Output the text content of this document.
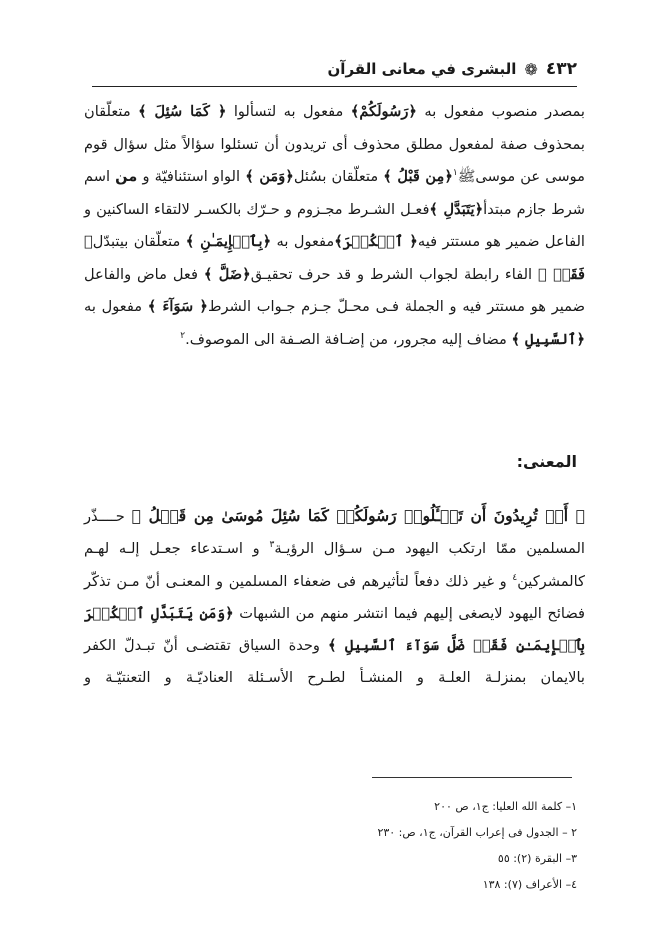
٤٣٢
❁
البشرى في معانى القرآن

بمصدر منصوب مفعول به ﴿رَسُولَكُمْ﴾ مفعول به لتسألوا ﴿ كَمَا سُئِلَ ﴾ متعلّقان بمحذوف صفة لمفعول مطلق محذوف أى تريدون أن تسئلوا سؤالاً مثل سؤال قوم موسى عن موسىﷺ$^١$﴿مِن قَبْلُ ﴾ متعلّقان بسُئل﴿وَمَن ﴾ الواو استئنافيّة و من اسم شرط جازم مبتدأ﴿يَتَبَدَّلِ ﴾فعـل الشـرط مجـزوم و حـرّك بالكسـر لالتقاء الساكنين و الفاعل ضمير هو مستتر فيه﴿ ٱلۡكُفۡرَ﴾مفعول به ﴿بِٱلۡإِيمَـٰنِ ﴾ متعلّقان بيتبدّل﴿ فَقَدۡ ﴾ الفاء رابطة لجواب الشرط و قد حرف تحقيـق﴿ضَلَّ ﴾ فعل ماض والفاعل ضمير هو مستتر فيه و الجملة فـى محـلّ جـزم جـواب الشرط﴿ سَوَآءَ ﴾ مفعول به ﴿ٱلسَّبِيلِ ﴾ مضاف إليه مجرور، من إضـافة الصـفة الى الموصوف.$^٢$

المعنى:

﴿ أَمۡ تُرِيدُونَ أَن تَسۡـَٔلُوا۟ رَسُولَكُمۡ كَمَا سُئِلَ مُوسَىٰ مِن قَبۡلُ ﴾ حــــذّر المسلمين ممّا ارتكب اليهود مـن سـؤال الرؤيـة$^٣$ و اسـتدعاء جعـل إلـه لهـم كالمشركين$^٤$ و غير ذلك دفعاً لتأثيرهم فى ضعفاء المسلمين و المعنـى أنّ مـن تذكّر فضائح اليهود لايصغى إليهم فيما انتشر منهم من الشبهات ﴿وَمَن يَتَبَدَّلِ ٱلۡكُفۡرَ بِٱلۡإِيمَـٰنِ فَقَدۡ ضَلَّ سَوَآءَ ٱلسَّبِيلِ ﴾ وحدة السياق تقتضـى أنّ تبـدلّ الكفر بالايمان بمنزلـة العلـة و المنشـأ لطـرح الأسـئلة العناديّـة و التعنتيّـة و

١– كلمة الله العليا: ج١، ص ٢٠٠
٢ – الجدول فى إعراب القرآن، ج١، ص: ٢٣٠
٣– البقرة (٢): ٥٥
٤– الأعراف (٧): ١٣٨
